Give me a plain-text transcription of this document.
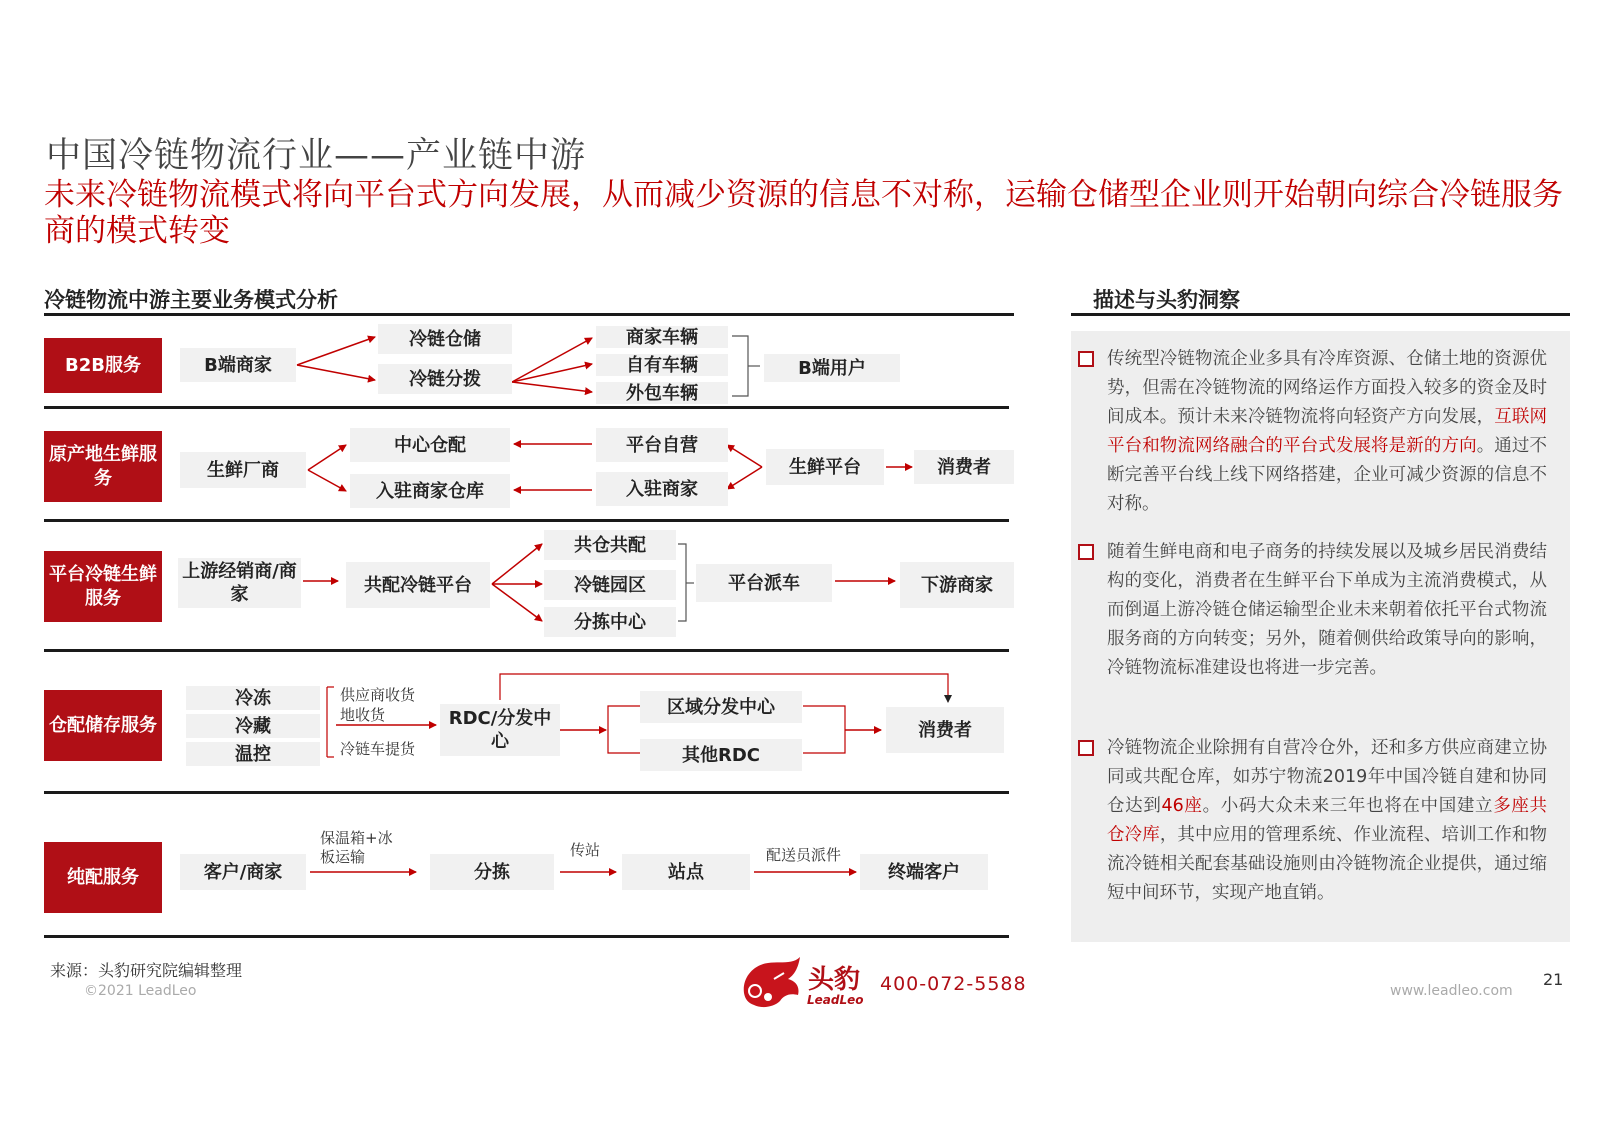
中国冷链物流行业——产业链中游
未来冷链物流模式将向平台式方向发展，从而减少资源的信息不对称，运输仓储型企业则开始朝向综合冷链服务商的模式转变
冷链物流中游主要业务模式分析
B2B服务	B端商家
冷链仓储
冷链分拨
商家车辆
自有车辆
外包车辆
B端用户
原产地生鲜服务	生鲜厂商
中心仓配
入驻商家仓库
平台自营
入驻商家
生鲜平台	消费者
平台冷链生鲜服务
上游经销商/商家	共配冷链平台
共仓共配
冷链园区
分拣中心
平台派车	下游商家
仓配储存服务
冷冻
冷藏
温控
供应商收货
地收货
冷链车提货
RDC/分发中心
区域分发中心
其他RDC
消费者
纯配服务	客户/商家
保温箱+冰板运输
分拣
传站
站点
配送员派件
终端客户
描述与头豹洞察
传统型冷链物流企业多具有冷库资源、仓储土地的资源优势，但需在冷链物流的网络运作方面投入较多的资金及时间成本。预计未来冷链物流将向轻资产方向发展，互联网平台和物流网络融合的平台式发展将是新的方向。通过不断完善平台线上线下网络搭建，企业可减少资源的信息不对称。
随着生鲜电商和电子商务的持续发展以及城乡居民消费结构的变化，消费者在生鲜平台下单成为主流消费模式，从而倒逼上游冷链仓储运输型企业未来朝着依托平台式物流服务商的方向转变；另外，随着侧供给政策导向的影响，冷链物流标准建设也将进一步完善。
冷链物流企业除拥有自营冷仓外，还和多方供应商建立协同或共配仓库，如苏宁物流2019年中国冷链自建和协同仓达到46座。小码大众未来三年也将在中国建立多座共仓冷库，其中应用的管理系统、作业流程、培训工作和物流冷链相关配套基础设施则由冷链物流企业提供，通过缩短中间环节，实现产地直销。
来源：头豹研究院编辑整理
©2021 LeadLeo	头豹
LeadLeo
400-072-5588	www.leadleo.com
21
